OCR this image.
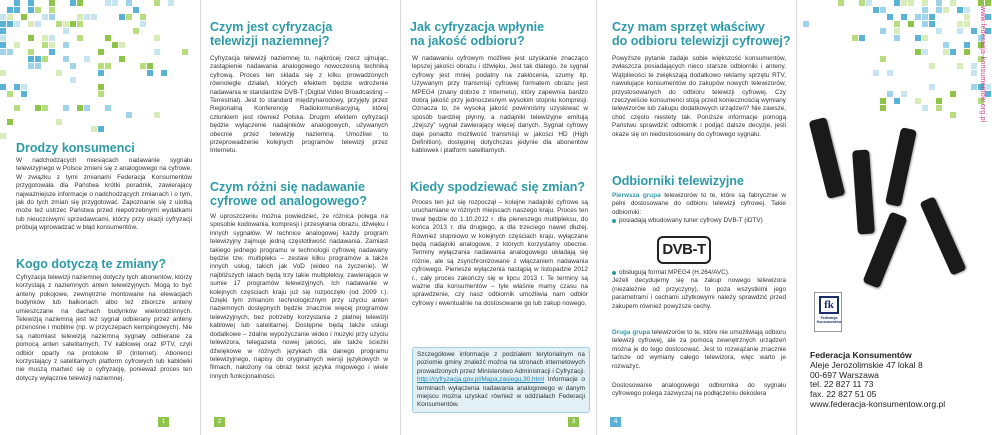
Drodzy konsumenci

W nadchodzących miesiącach nadawanie sygnału telewizyjnego w Polsce zmieni się z analogowego na cyfrowe. W związku z tymi zmianami Federacja Konsumentów przygotowała dla Państwa krótki poradnik, zawierający najważniejsze informacje o nadchodzących zmianach i o tym, jak do tych zmian się przygotować. Zapoznanie się z ulotką może też ustrzec Państwa przed niepotrzebnymi wydatkami lub nieuczciwymi sprzedawcami, którzy przy okazji cyfryzacji próbują wprowadzać w błąd konsumentów.

Kogo dotyczą te zmiany?

Cyfryzacja telewizji naziemnej dotyczy tych abonentów, którzy korzystają z naziemnych anten telewizyjnych. Mogą to być anteny pokojowe, zewnętrzne montowane na elewacjach budynków lub balkonach albo też zbiorcze anteny umieszczane na dachach budynków wielorodzinnych. Telewizją naziemną jest też sygnał odbierany przez anteny przenośne i mobilne (np. w przyczepach kempingowych). Nie są natomiast telewizją naziemną sygnały odbierane za pomocą anten satelitarnych, TV kablowej oraz IPTV, czyli odbiór oparty na protokole IP (Internet). Abonenci korzystający z satelitarnych platform cyfrowych lub kablówki nie muszą martwić się o cyfryzację, ponieważ proces ten dotyczy wyłącznie telewizji naziemnej.

1
Czym jest cyfryzacja
telewizji naziemnej?

Cyfryzacja telewizji naziemnej to, najkrócej rzecz ujmując, zastąpienie nadawania analogowego nowoczesną techniką cyfrową. Proces ten składa się z kilku prowadzonych równolegle działań, których efektem będzie wdrożenie nadawania w standardzie DVB-T (Digital Video Broadcasting – Terrestrial). Jest to standard międzynarodowy, przyjęty przez Regionalną Konferencję Radiokomunikacyjną, której członkiem jest również Polska. Drugim efektem cyfryzacji będzie wyłączenie nadajników analogowych, używanych obecnie przez telewizję naziemną. Umożliwi to przeprowadzenie kolejnych programów telewizji przez Internetu.

Czym różni się nadawanie
cyfrowe od analogowego?

W uproszczeniu można powiedzieć, że różnica polega na sposobie kodowania, kompresji i przesyłania obrazu, dźwięku i innych sygnałów. W technice analogowej każdy program telewizyjny zajmuje jedną częstotliwość nadawania. Zamiast takiego jednego programu w technologii cyfrowej nadawany będzie tzw. multipleks – zestaw kilku programów a także innych usług, takich jak VoD (wideo na życzenie). W najbliższych latach będą trzy takie multipleksy, zawierające w sumie 17 programów telewizyjnych. Ich nadawanie w kolejnych częściach kraju już się rozpoczęło (od 2009 r.). Dzięki tym zmianom technologicznym przy użyciu anten naziemnych dostępnych będzie znacznie więcej programów telewizyjnych, bez potrzeby korzystania z płatnej telewizji kablowej lub satelitarnej. Dostępne będą także usługi dodatkowe – zdalne wypożyczanie wideo i muzyki przy użyciu telewizora, telegazeta nowej jakości, ale także ścieżki dźwiękowe w różnych językach dla danego programu telewizyjnego, napisy do oryginalnych wersji językowych w filmach, nałożony na obraz tekst języka migowego i wiele innych funkcjonalności.

2
Jak cyfryzacja wpłynie
na jakość odbioru?

W nadawaniu cyfrowym możliwe jest uzyskanie znacząco lepszej jakości obrazu i dźwięku. Jest tak dlatego, że sygnał cyfrowy jest mniej podatny na zakłócenia, szumy itp. Używanym przy transmisji cyfrowej formatem obrazu jest MPEG4 (znany dobrze z Internetu), który zapewnia bardzo dobrą jakość przy jednoczesnym wysokim stopniu kompresji. Oznacza to, że wysoką jakość powinniśmy uzyskiwać w sposób bardziej płynny, a nadajniki telewizyjne emitują „lżejszy” sygnał zawierający więcej danych. Sygnał cyfrowy daje ponadto możliwość transmisji w jakości HD (High Definition), dostępnej dotychczas jedynie dla abonentów kablowek i platform satelitarnych.

Kiedy spodziewać się zmian?

Proces ten już się rozpoczął – kolejne nadajniki cyfrowe są uruchamiane w różnych miejscach naszego kraju. Proces ten trwał będzie do 1.10.2012 r. dla pierwszego multipleksu, do końca 2013 r. dla drugiego, a dla trzeciego nawet dłużej. Również stopniowo w kolejnych częściach kraju, wyłączane będą nadajniki analogowe, z których korzystamy obecnie. Terminy wyłączania nadawania analogowego układają się różnie, ale są zsynchronizowane z włączaniem nadawania cyfrowego. Pierwsze wyłączenia nastąpią w listopadzie 2012 r., cały proces zakończy się w lipcu 2013 r. Te terminy są ważne dla konsumentów – tyle właśnie mamy czasu na sprawdzenie, czy nasz odbiornik umożliwia nam odbiór cyfrowy i ewentualnie na dostosowanie go lub zakup nowego.

Szczegółowe informacje z podziałem terytorialnym na poziomie gminy znaleźć można na stronach internetowych prowadzonych przez Ministerstwo Administracji i Cyfryzacji. http://cyfryzacja.gov.pl/Mapa,zasiegu,30.html Informacje o terminach wyłączenia nadawania analogowego w danym miejscu można uzyskać również w oddziałach Federacji Konsumentów.
3
Czy mam sprzęt właściwy
do odbioru telewizji cyfrowej?

Powyższe pytanie zadaje sobie większość konsumentów, zwłaszcza posiadających nieco starsze odbiorniki i anteny. Wątpliwości te zwiększają dodatkowo reklamy sprzętu RTV, nawołujące konsumentów do zakupów nowych telewizorów, przystosowanych do odbioru telewizji cyfrowej. Czy rzeczywiście konsumenci stoją przed koniecznością wymiany telewizorów lub zakupu dodatkowych urządzeń? Nie zawsze, choć często niestety tak. Poniższe informacje pomogą Państwu sprawdzić odbiornik i podjąć dalsze decyzje, jeśli okaże się on niedostosowany do cyfrowego sygnału.

Odbiorniki telewizyjne
Pierwsza grupa telewizorów to te, które są fabrycznie w pełni dostosowane do odbioru telewizji cyfrowej. Takie odbiorniki:
posiadają wbudowany tuner cyfrowy DVB-T (iDTV)
obsługują format MPEG4 (H.264/AVC).
Jeżeli decydujemy się na zakup nowego telewizora (niezależnie od przyczyny), to poza wszystkimi jego parametrami i cechami użytkowymi należy sprawdzić przed zakupem również powyższe cechy.
Druga grupa telewizorów to te, które nie umożliwiają odbioru telewizji cyfrowej, ale za pomocą zewnętrznych urządzeń można je do tego dostosować. Jest to rozwiązanie znacznie tańsze od wymiany całego telewizora, więc warto je rozważyć.

Dostosowanie analogowego odbiornika do sygnału cyfrowego polega zazwyczaj na podłączeniu dekodera

4
DVB-T
www.federacja-konsumentow.org.pl
fk
Federacja Konsumentów
Federacja Konsumentów
Aleje Jerozolimskie 47 lokal 8
00-697 Warszawa
tel. 22 827 11 73
fax. 22 827 51 05
www.federacja-konsumentow.org.pl
